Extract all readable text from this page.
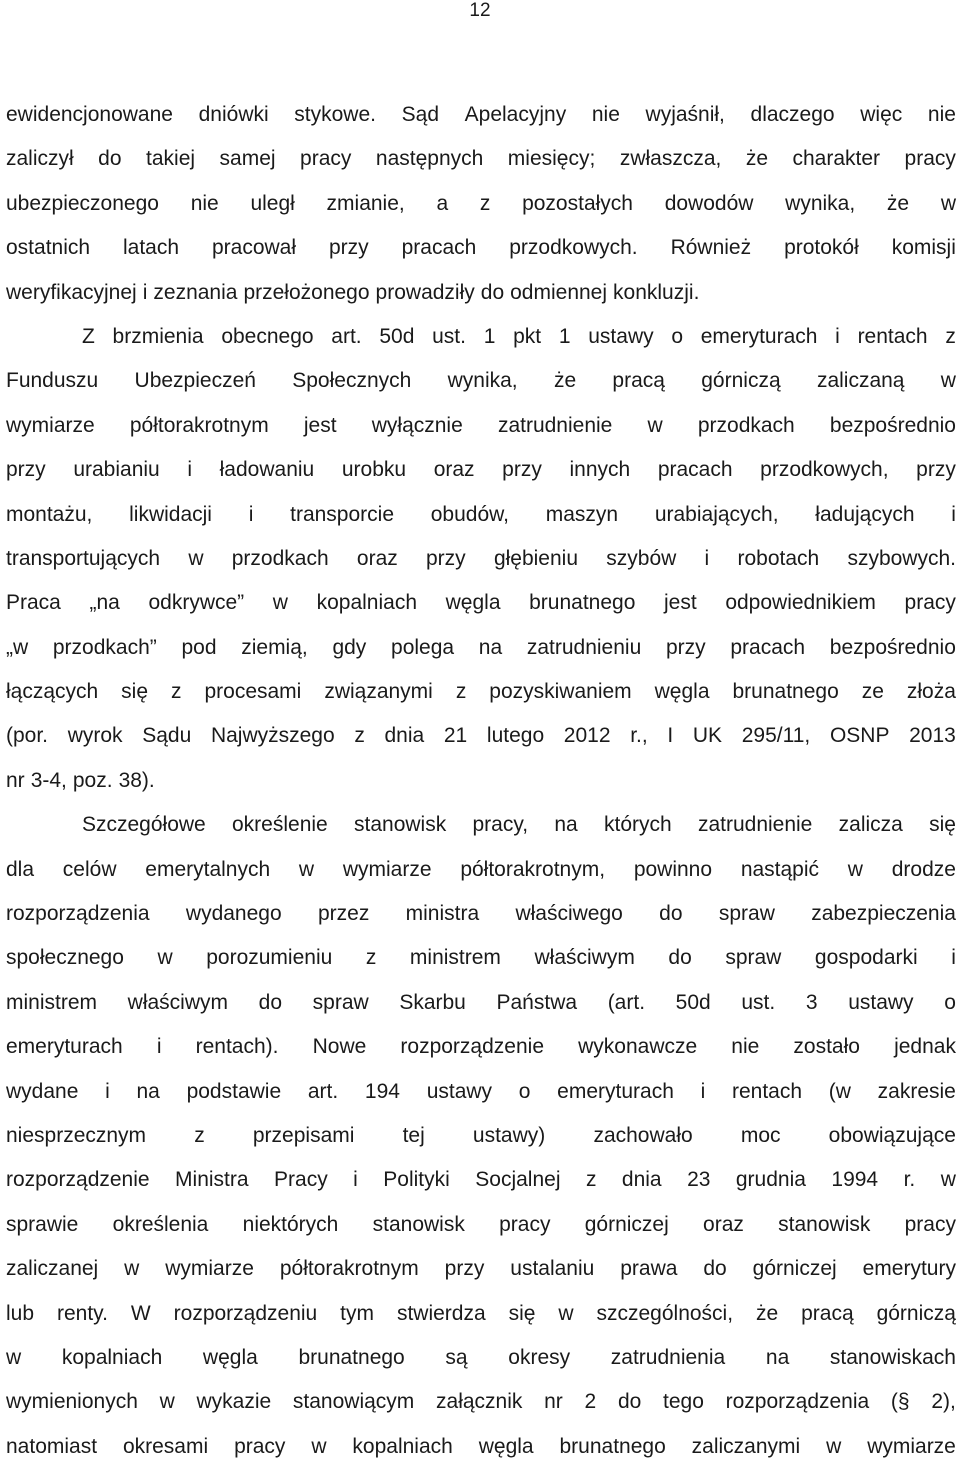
12
ewidencjonowane dniówki stykowe. Sąd Apelacyjny nie wyjaśnił, dlaczego więc nie
zaliczył do takiej samej pracy następnych miesięcy; zwłaszcza, że charakter pracy
ubezpieczonego nie uległ zmianie, a z pozostałych dowodów wynika, że w
ostatnich latach pracował przy pracach przodkowych. Również protokół komisji
weryfikacyjnej i zeznania przełożonego prowadziły do odmiennej konkluzji.
Z brzmienia obecnego art. 50d ust. 1 pkt 1 ustawy o emeryturach i rentach z
Funduszu Ubezpieczeń Społecznych wynika, że pracą górniczą zaliczaną w
wymiarze półtorakrotnym jest wyłącznie zatrudnienie w przodkach bezpośrednio
przy urabianiu i ładowaniu urobku oraz przy innych pracach przodkowych, przy
montażu, likwidacji i transporcie obudów, maszyn urabiających, ładujących i
transportujących w przodkach oraz przy głębieniu szybów i robotach szybowych.
Praca „na odkrywce” w kopalniach węgla brunatnego jest odpowiednikiem pracy
„w przodkach” pod ziemią, gdy polega na zatrudnieniu przy pracach bezpośrednio
łączących się z procesami związanymi z pozyskiwaniem węgla brunatnego ze złoża
(por. wyrok Sądu Najwyższego z dnia 21 lutego 2012 r., I UK 295/11, OSNP 2013
nr 3-4, poz. 38).
Szczegółowe określenie stanowisk pracy, na których zatrudnienie zalicza się
dla celów emerytalnych w wymiarze półtorakrotnym, powinno nastąpić w drodze
rozporządzenia wydanego przez ministra właściwego do spraw zabezpieczenia
społecznego w porozumieniu z ministrem właściwym do spraw gospodarki i
ministrem właściwym do spraw Skarbu Państwa (art. 50d ust. 3 ustawy o
emeryturach i rentach). Nowe rozporządzenie wykonawcze nie zostało jednak
wydane i na podstawie art. 194 ustawy o emeryturach i rentach (w zakresie
niesprzecznym z przepisami tej ustawy) zachowało moc obowiązujące
rozporządzenie Ministra Pracy i Polityki Socjalnej z dnia 23 grudnia 1994 r. w
sprawie określenia niektórych stanowisk pracy górniczej oraz stanowisk pracy
zaliczanej w wymiarze półtorakrotnym przy ustalaniu prawa do górniczej emerytury
lub renty. W rozporządzeniu tym stwierdza się w szczególności, że pracą górniczą
w kopalniach węgla brunatnego są okresy zatrudnienia na stanowiskach
wymienionych w wykazie stanowiącym załącznik nr 2 do tego rozporządzenia (§ 2),
natomiast okresami pracy w kopalniach węgla brunatnego zaliczanymi w wymiarze
